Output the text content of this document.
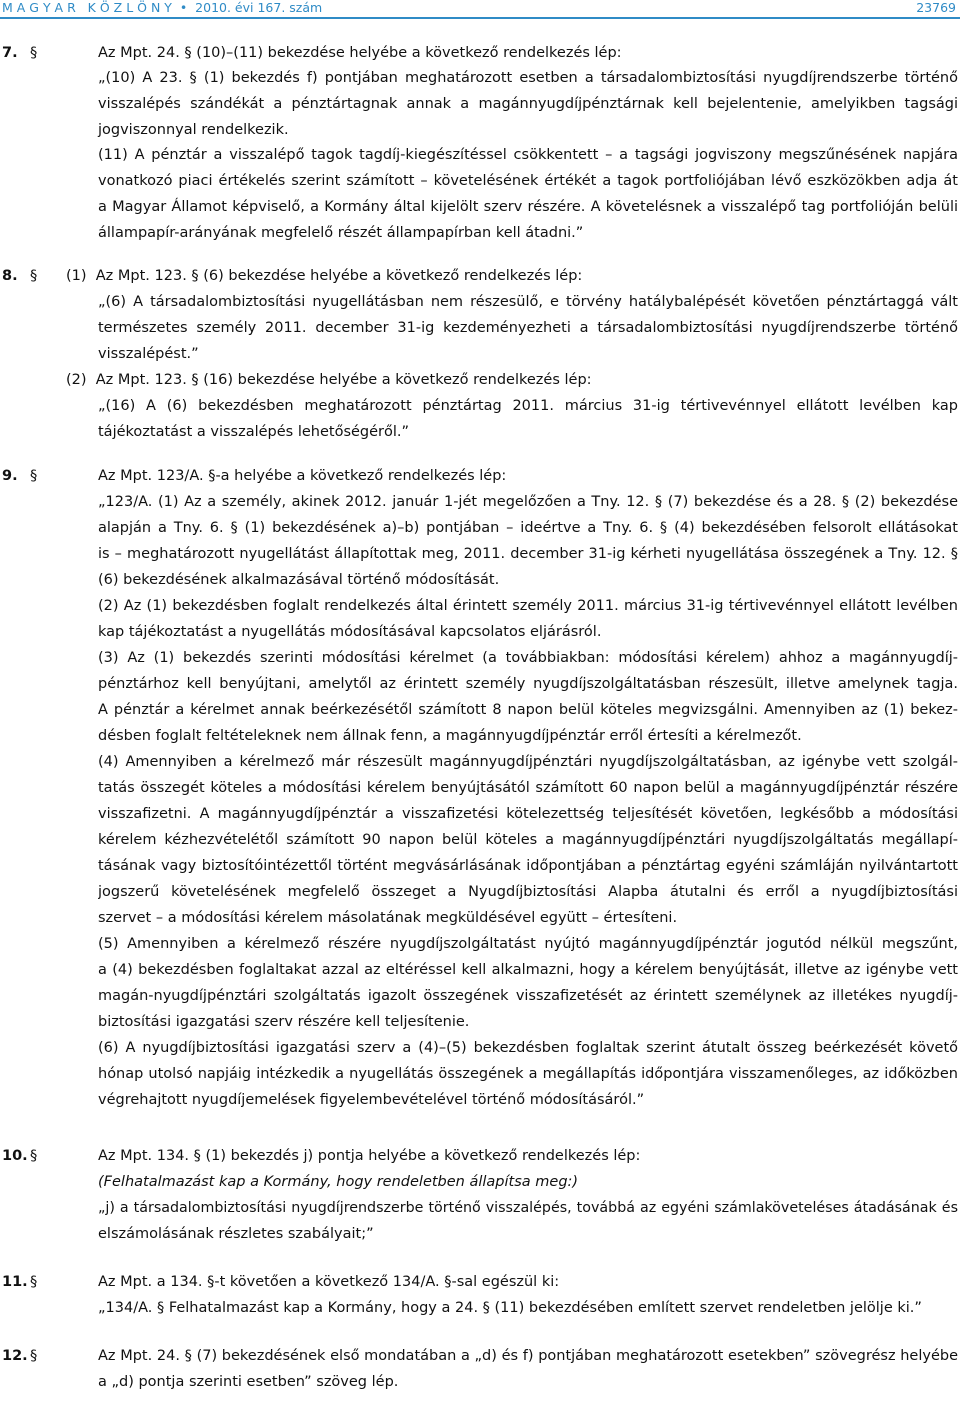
M A G Y A R   K Ö Z L Ö N Y  •  2010. évi 167. szám	23769
7. §	Az Mpt. 24. § (10)–(11) bekezdése helyébe a következő rendelkezés lép:
„(10) A 23. § (1) bekezdés f) pontjában meghatározott esetben a társadalombiztosítási nyugdíjrendszerbe történő
visszalépés szándékát a pénztártagnak annak a magánnyugdíjpénztárnak kell bejelentenie, amelyikben tagsági
jogviszonnyal rendelkezik.
(11) A pénztár a visszalépő tagok tagdíj-kiegészítéssel csökkentett – a tagsági jogviszony megszűnésének napjára
vonatkozó piaci értékelés szerint számított – követelésének értékét a tagok portfoliójában lévő eszközökben adja át
a Magyar Államot képviselő, a Kormány által kijelölt szerv részére. A követelésnek a visszalépő tag portfolióján belüli
állampapír-arányának megfelelő részét állampapírban kell átadni.”
8. § (1)  Az Mpt. 123. § (6) bekezdése helyébe a következő rendelkezés lép:
„(6) A társadalombiztosítási nyugellátásban nem részesülő, e törvény hatálybalépését követően pénztártaggá vált
természetes személy 2011. december 31-ig kezdeményezheti a társadalombiztosítási nyugdíjrendszerbe történő
visszalépést.”
(2)  Az Mpt. 123. § (16) bekezdése helyébe a következő rendelkezés lép:
„(16) A (6) bekezdésben meghatározott pénztártag 2011. március 31-ig tértivevénnyel ellátott levélben kap
tájékoztatást a visszalépés lehetőségéről.”
9. §	Az Mpt. 123/A. §-a helyébe a következő rendelkezés lép:
„123/A. (1) Az a személy, akinek 2012. január 1-jét megelőzően a Tny. 12. § (7) bekezdése és a 28. § (2) bekezdése
alapján a Tny. 6. § (1) bekezdésének a)–b) pontjában – ideértve a Tny. 6. § (4) bekezdésében felsorolt ellátásokat
is – meghatározott nyugellátást állapítottak meg, 2011. december 31-ig kérheti nyugellátása összegének a Tny. 12. §
(6) bekezdésének alkalmazásával történő módosítását.
(2) Az (1) bekezdésben foglalt rendelkezés által érintett személy 2011. március 31-ig tértivevénnyel ellátott levélben
kap tájékoztatást a nyugellátás módosításával kapcsolatos eljárásról.
(3) Az (1) bekezdés szerinti módosítási kérelmet (a továbbiakban: módosítási kérelem) ahhoz a magánnyugdíj-
pénztárhoz kell benyújtani, amelytől az érintett személy nyugdíjszolgáltatásban részesült, illetve amelynek tagja.
A pénztár a kérelmet annak beérkezésétől számított 8 napon belül köteles megvizsgálni. Amennyiben az (1) bekez-
désben foglalt feltételeknek nem állnak fenn, a magánnyugdíjpénztár erről értesíti a kérelmezőt.
(4) Amennyiben a kérelmező már részesült magánnyugdíjpénztári nyugdíjszolgáltatásban, az igénybe vett szolgál-
tatás összegét köteles a módosítási kérelem benyújtásától számított 60 napon belül a magánnyugdíjpénztár részére
visszafizetni. A magánnyugdíjpénztár a visszafizetési kötelezettség teljesítését követően, legkésőbb a módosítási
kérelem kézhezvételétől számított 90 napon belül köteles a magánnyugdíjpénztári nyugdíjszolgáltatás megállapí-
tásának vagy biztosítóintézettől történt megvásárlásának időpontjában a pénztártag egyéni számláján nyilvántartott
jogszerű követelésének megfelelő összeget a Nyugdíjbiztosítási Alapba átutalni és erről a nyugdíjbiztosítási
szervet – a módosítási kérelem másolatának megküldésével együtt – értesíteni.
(5) Amennyiben a kérelmező részére nyugdíjszolgáltatást nyújtó magánnyugdíjpénztár jogutód nélkül megszűnt,
a (4) bekezdésben foglaltakat azzal az eltéréssel kell alkalmazni, hogy a kérelem benyújtását, illetve az igénybe vett
magán-nyugdíjpénztári szolgáltatás igazolt összegének visszafizetését az érintett személynek az illetékes nyugdíj-
biztosítási igazgatási szerv részére kell teljesítenie.
(6) A nyugdíjbiztosítási igazgatási szerv a (4)–(5) bekezdésben foglaltak szerint átutalt összeg beérkezését követő
hónap utolsó napjáig intézkedik a nyugellátás összegének a megállapítás időpontjára visszamenőleges, az időközben
végrehajtott nyugdíjemelések figyelembevételével történő módosításáról.”
10. §	Az Mpt. 134. § (1) bekezdés j) pontja helyébe a következő rendelkezés lép:
(Felhatalmazást kap a Kormány, hogy rendeletben állapítsa meg:)
„j) a társadalombiztosítási nyugdíjrendszerbe történő visszalépés, továbbá az egyéni számlaköveteléses átadásának és
elszámolásának részletes szabályait;”
11. §	Az Mpt. a 134. §-t követően a következő 134/A. §-sal egészül ki:
„134/A. § Felhatalmazást kap a Kormány, hogy a 24. § (11) bekezdésében említett szervet rendeletben jelölje ki.”
12. §	Az Mpt. 24. § (7) bekezdésének első mondatában a „d) és f) pontjában meghatározott esetekben” szövegrész helyébe
a „d) pontja szerinti esetben” szöveg lép.
